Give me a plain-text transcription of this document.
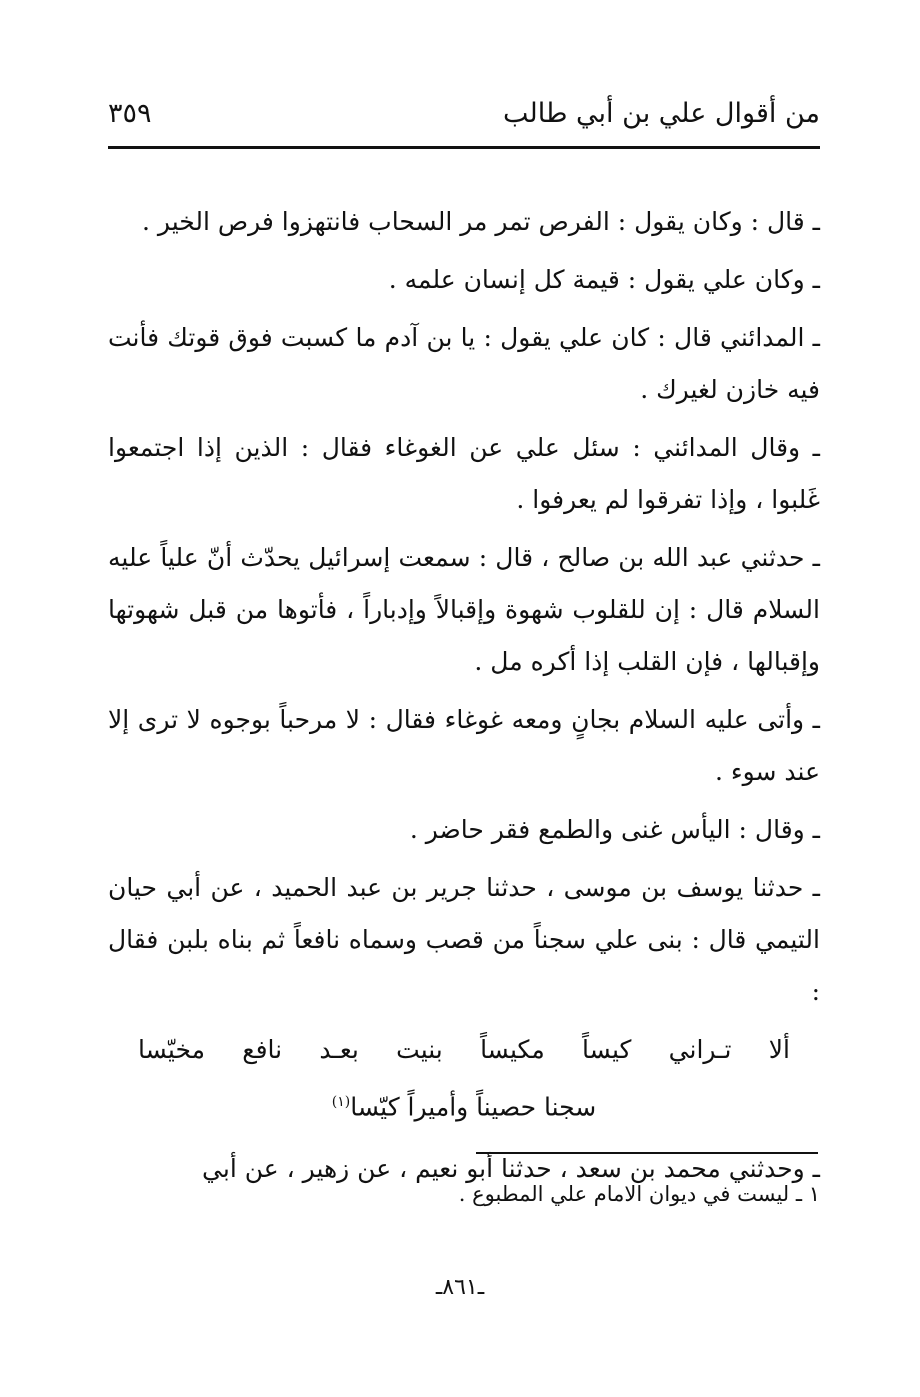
من أقوال علي بن أبي طالب
٣٥٩

ـ قال : وكان يقول : الفرص تمر مر السحاب فانتهزوا فرص الخير .

ـ وكان علي يقول : قيمة كل إنسان علمه .

ـ المدائني قال : كان علي يقول : يا بن آدم ما كسبت فوق قوتك فأنت فيه خازن لغيرك .

ـ وقال المدائني : سئل علي عن الغوغاء فقال : الذين إذا اجتمعوا غَلبوا ، وإذا تفرقوا لم يعرفوا .

ـ حدثني عبد الله بن صالح ، قال : سمعت إسرائيل يحدّث أنّ علياً عليه السلام قال : إن للقلوب شهوة وإقبالاً وإدباراً ، فأتوها من قبل شهوتها وإقبالها ، فإن القلب إذا أكره مل .

ـ وأتى عليه السلام بجانٍ ومعه غوغاء فقال : لا مرحباً بوجوه لا ترى إلا عند سوء .

ـ وقال : اليأس غنى والطمع فقر حاضر .

ـ حدثنا يوسف بن موسى ، حدثنا جرير بن عبد الحميد ، عن أبي حيان التيمي قال : بنى علي سجناً من قصب وسماه نافعاً ثم بناه بلبن فقال :

ألا تـراني كيساً مكيساً بنيت بعـد نافع مخيّسا
سجنا حصيناً وأميراً كيّسا$^{(١)}$

ـ وحدثني محمد بن سعد ، حدثنا أبو نعيم ، عن زهير ، عن أبي

١ ـ ليست في ديوان الامام علي المطبوع .
ـ٨٦١ـ
